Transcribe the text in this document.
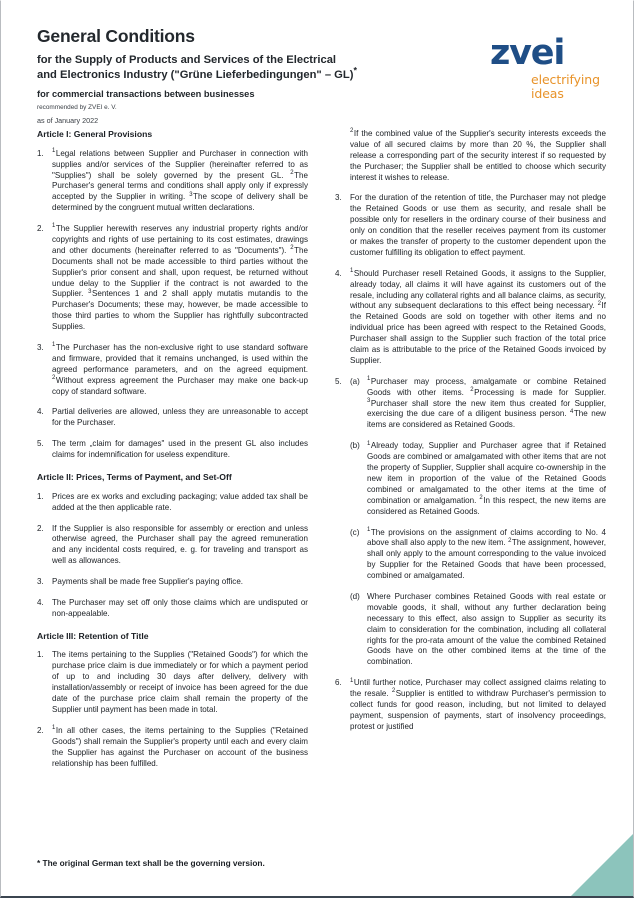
General Conditions
for the Supply of Products and Services of the Electrical and Electronics Industry ("Grüne Lieferbedingungen" – GL)*
for commercial transactions between businesses
recommended by ZVEI e. V.
as of January 2022
zvei
electrifying
ideas
Article I: General Provisions
1.	$^1$Legal relations between Supplier and Purchaser in connection with supplies and/or services of the Supplier (hereinafter referred to as "Supplies") shall be solely governed by the present GL. $^2$The Purchaser's general terms and conditions shall apply only if expressly accepted by the Supplier in writing. $^3$The scope of delivery shall be determined by the congruent mutual written declarations.
2.	$^1$The Supplier herewith reserves any industrial property rights and/or copyrights and rights of use pertaining to its cost estimates, drawings and other documents (hereinafter referred to as "Documents"). $^2$The Documents shall not be made accessible to third parties without the Supplier's prior consent and shall, upon request, be returned without undue delay to the Supplier if the contract is not awarded to the Supplier. $^3$Sentences 1 and 2 shall apply mutatis mutandis to the Purchaser's Documents; these may, however, be made accessible to those third parties to whom the Supplier has rightfully subcontracted Supplies.
3.	$^1$The Purchaser has the non-exclusive right to use standard software and firmware, provided that it remains unchanged, is used within the agreed performance parameters, and on the agreed equipment. $^2$Without express agreement the Purchaser may make one back-up copy of standard software.
4.	Partial deliveries are allowed, unless they are unreasonable to accept for the Purchaser.
5.	The term „claim for damages" used in the present GL also includes claims for indemnification for useless expenditure.
Article II: Prices, Terms of Payment, and Set-Off
1.	Prices are ex works and excluding packaging; value added tax shall be added at the then applicable rate.
2.	If the Supplier is also responsible for assembly or erection and unless otherwise agreed, the Purchaser shall pay the agreed remuneration and any incidental costs required, e. g. for traveling and transport as well as allowances.
3.	Payments shall be made free Supplier's paying office.
4.	The Purchaser may set off only those claims which are undisputed or non-appealable.
Article III: Retention of Title
1.	The items pertaining to the Supplies ("Retained Goods") for which the purchase price claim is due immediately or for which a payment period of up to and including 30 days after delivery, delivery with installation/assembly or receipt of invoice has been agreed for the due date of the purchase price claim shall remain the property of the Supplier until payment has been made in total.
2.	$^1$In all other cases, the items pertaining to the Supplies ("Retained Goods") shall remain the Supplier's property until each and every claim the Supplier has against the Purchaser on account of the business relationship has been fulfilled.
$^2$If the combined value of the Supplier's security interests exceeds the value of all secured claims by more than 20 %, the Supplier shall release a corresponding part of the security interest if so requested by the Purchaser; the Supplier shall be entitled to choose which security interest it wishes to release.
3.	For the duration of the retention of title, the Purchaser may not pledge the Retained Goods or use them as security, and resale shall be possible only for resellers in the ordinary course of their business and only on condition that the reseller receives payment from its customer or makes the transfer of property to the customer dependent upon the customer fulfilling its obligation to effect payment.
4.	$^1$Should Purchaser resell Retained Goods, it assigns to the Supplier, already today, all claims it will have against its customers out of the resale, including any collateral rights and all balance claims, as security, without any subsequent declarations to this effect being necessary. $^2$If the Retained Goods are sold on together with other items and no individual price has been agreed with respect to the Retained Goods, Purchaser shall assign to the Supplier such fraction of the total price claim as is attributable to the price of the Retained Goods invoiced by Supplier.
5.	(a)	$^1$Purchaser may process, amalgamate or combine Retained Goods with other items. $^2$Processing is made for Supplier. $^3$Purchaser shall store the new item thus created for Supplier, exercising the due care of a diligent business person. $^4$The new items are considered as Retained Goods.
(b)	$^1$Already today, Supplier and Purchaser agree that if Retained Goods are combined or amalgamated with other items that are not the property of Supplier, Supplier shall acquire co-ownership in the new item in proportion of the value of the Retained Goods combined or amalgamated to the other items at the time of combination or amalgamation. $^2$In this respect, the new items are considered as Retained Goods.
(c)	$^1$The provisions on the assignment of claims according to No. 4 above shall also apply to the new item. $^2$The assignment, however, shall only apply to the amount corresponding to the value invoiced by Supplier for the Retained Goods that have been processed, combined or amalgamated.
(d) Where Purchaser combines Retained Goods with real estate or movable goods, it shall, without any further declaration being necessary to this effect, also assign to Supplier as security its claim to consideration for the combination, including all collateral rights for the pro-rata amount of the value the combined Retained Goods have on the other combined items at the time of the combination.
6.	$^1$Until further notice, Purchaser may collect assigned claims relating to the resale. $^2$Supplier is entitled to withdraw Purchaser's permission to collect funds for good reason, including, but not limited to delayed payment, suspension of payments, start of insolvency proceedings, protest or justified
* The original German text shall be the governing version.
